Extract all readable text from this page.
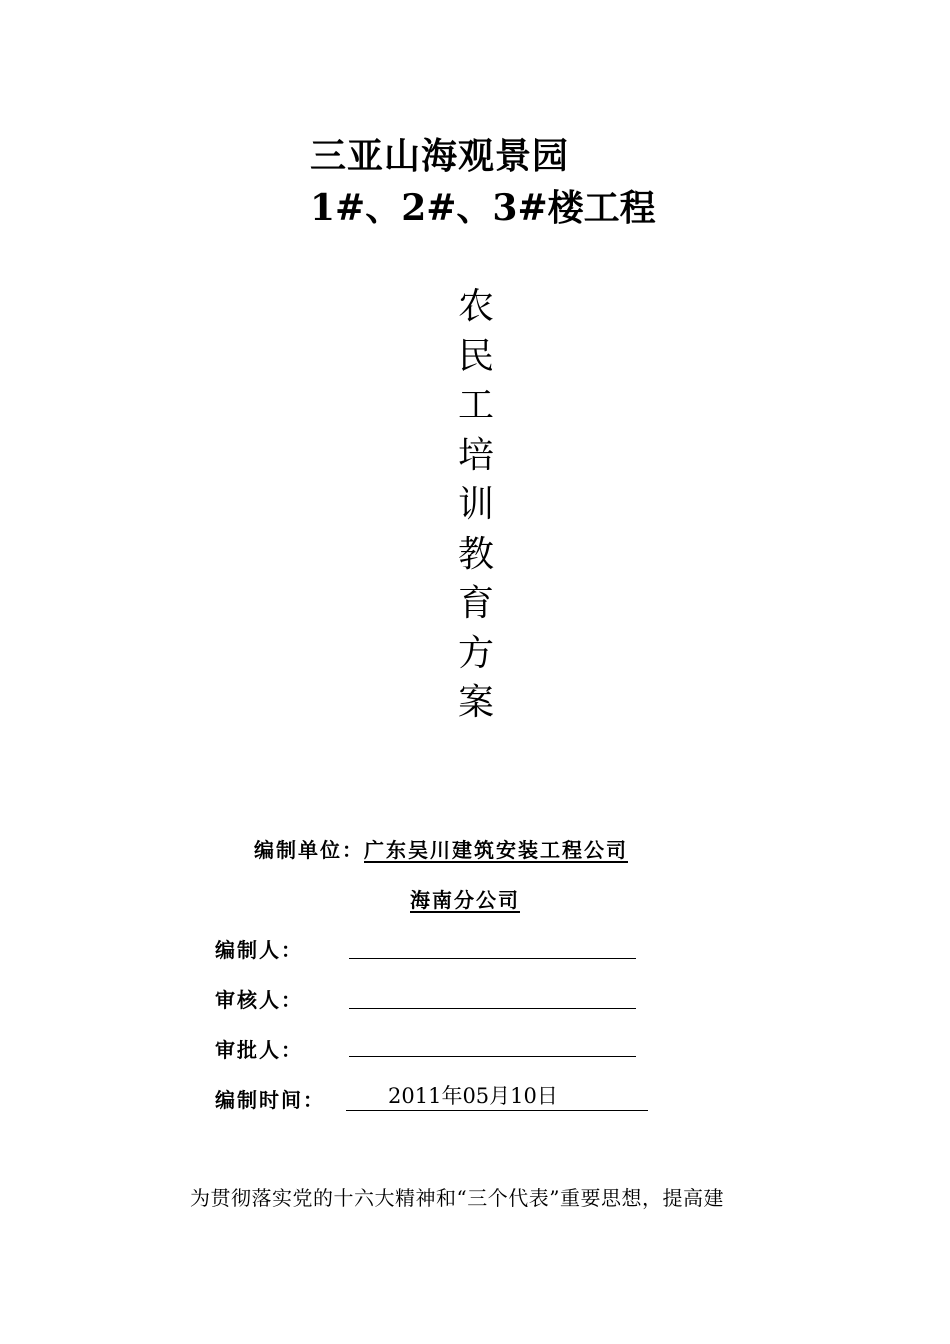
三亚山海观景园
1#、2#、3#楼工程
农
民
工
培
训
教
育
方
案
编制单位：广东吴川建筑安装工程公司
海南分公司
编制人：
审核人：
审批人：
编制时间：	2011年05月10日
为贯彻落实党的十六大精神和“三个代表”重要思想，提高建
